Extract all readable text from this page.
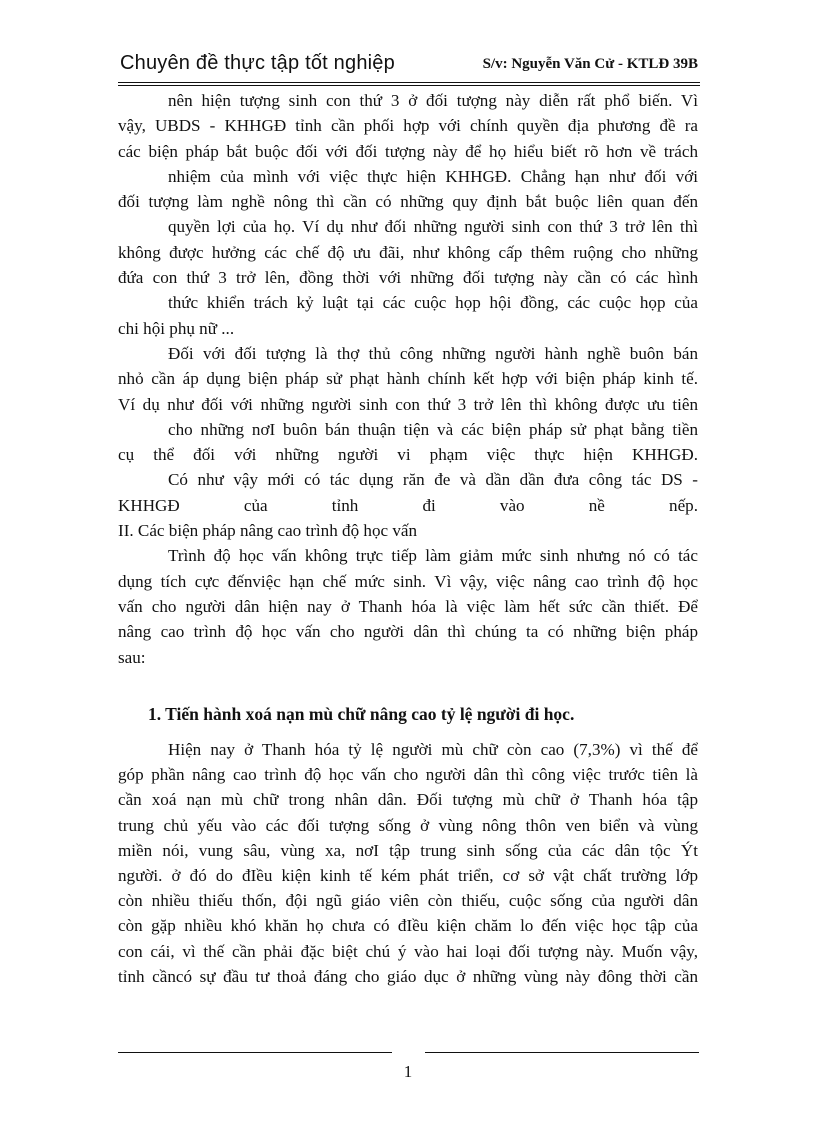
Chuyên đề thực tập tốt nghiệp	S/v: Nguyễn Văn Cử - KTLĐ 39B
nên hiện tượng sinh con thứ 3 ở đối tượng này diễn rất phổ biến. Vì
vậy, UBDS - KHHGĐ tỉnh cần phối hợp với chính quyền địa phương đề ra
các biện pháp bắt buộc đối với đối tượng này để họ hiểu biết rõ hơn về trách
nhiệm của mình với việc thực hiện KHHGĐ. Chẳng hạn như đối với
đối tượng làm nghề nông thì cần có những quy định bắt buộc liên quan đến
quyền lợi của họ. Ví dụ như đối những người sinh con thứ 3 trở lên thì
không được hưởng các chế độ ưu đãi, như không cấp thêm ruộng cho những
đứa con thứ 3 trở lên, đồng thời với những đối tượng này cần có các hình
thức khiển trách kỷ luật tại các cuộc họp hội đồng, các cuộc họp của
chi hội phụ nữ ...
Đối với đối tượng là thợ thủ công những người hành nghề buôn bán
nhỏ cần áp dụng biện pháp sử phạt hành chính kết hợp với biện pháp kinh tế.
Ví dụ như đối với những người sinh con thứ 3 trở lên thì không được ưu tiên
cho những nơI buôn bán thuận tiện và các biện pháp sử phạt bằng tiền
cụ thể đối với những người vi phạm việc thực hiện KHHGĐ.
Có như vậy mới có tác dụng răn đe và dần dần đưa công tác DS -
KHHGĐ của tỉnh đi vào nề nếp.
II. Các biện pháp nâng cao trình độ học vấn
Trình độ học vấn không trực tiếp làm giảm mức sinh nhưng nó có tác
dụng tích cực đếnviệc hạn chế mức sinh. Vì vậy, việc nâng cao trình độ học
vấn cho người dân hiện nay ở Thanh hóa là việc làm hết sức cần thiết. Để
nâng cao trình độ học vấn cho người dân thì chúng ta có những biện pháp
sau:
1. Tiến hành xoá nạn mù chữ nâng cao tỷ lệ người đi học.
Hiện nay ở Thanh hóa tỷ lệ người mù chữ còn cao (7,3%) vì thế để
góp phần nâng cao trình độ học vấn cho người dân thì công việc trước tiên là
cần xoá nạn mù chữ trong nhân dân. Đối tượng mù chữ ở Thanh hóa tập
trung chủ yếu vào các đối tượng sống ở vùng nông thôn ven biển và vùng
miền nói, vung sâu, vùng xa, nơI tập trung sinh sống của các dân tộc Ýt
người. ở đó do đIều kiện kinh tế kém phát triển, cơ sở vật chất trường lớp
còn nhiều thiếu thốn, đội ngũ giáo viên còn thiếu, cuộc sống của người dân
còn gặp nhiều khó khăn họ chưa có đIều kiện chăm lo đến việc học tập của
con cái, vì thế cần phải đặc biệt chú ý vào hai loại đối tượng này. Muốn vậy,
tỉnh cầncó sự đầu tư thoả đáng cho giáo dục ở những vùng này đông thời cần
1
